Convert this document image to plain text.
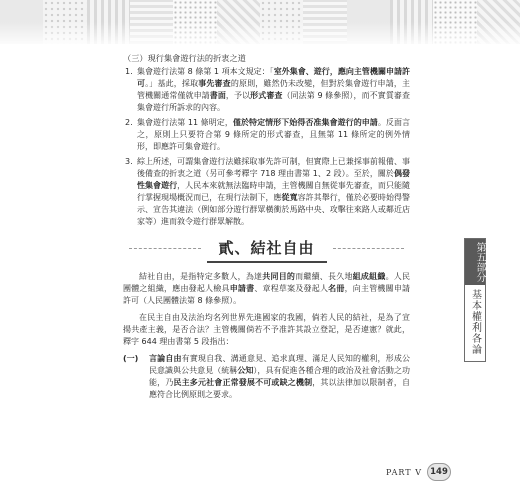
第五部分
基本權利各論
（三）現行集會遊行法的折衷之道
1. 集會遊行法第 8 條第 1 項本文規定：「室外集會、遊行，應向主管機關申請許可。」基此，採取事先審查的原則，雖然仍未改變，但對於集會遊行申請，主管機關通常僅就申請書面，予以形式審查（同法第 9 條參照），而不實質審查集會遊行所訴求的內容。
2. 集會遊行法第 11 條明定，僅於特定情形下始得否准集會遊行的申請。反面言之，原則上只要符合第 9 條所定的形式審查，且無第 11 條所定的例外情形，即應許可集會遊行。
3. 綜上所述，可謂集會遊行法雖採取事先許可制，但實際上已兼採事前報備、事後備查的折衷之道（另可參考釋字 718 理由書第 1、2 段）。至於，關於偶發性集會遊行，人民本來就無法臨時申請，主管機關自無從事先審查，而只能隨行掌握現場概況而已，在現行法制下，應從寬容許其舉行，僅於必要時始得警示、宣告其違法（例如部分遊行群眾橫衝於馬路中央、攻擊往來路人或鄰近店家等）進而敘令遊行群眾解散。
貳、結社自由
結社自由，是指特定多數人，為達共同目的而繼續、長久地組成組織。人民團體之組織，應由發起人檢具申請書、章程草案及發起人名冊，向主管機關申請許可（人民團體法第 8 條參照）。
在民主自由及法治均名列世界先進國家的我國，倘若人民的結社，是為了宣揚共產主義，是否合法？主管機關倘若不予准許其設立登記，是否違憲？就此，釋字 644 理由書第 5 段指出：
(一) 言論自由有實現自我、溝通意見、追求真理、滿足人民知的權利，形成公民意識與公共意見（統稱公知），具有促進各種合理的政治及社會活動之功能，乃民主多元社會正常發展不可或缺之機制，其以法律加以限制者，自應符合比例原則之要求。
PART Ⅴ 149
